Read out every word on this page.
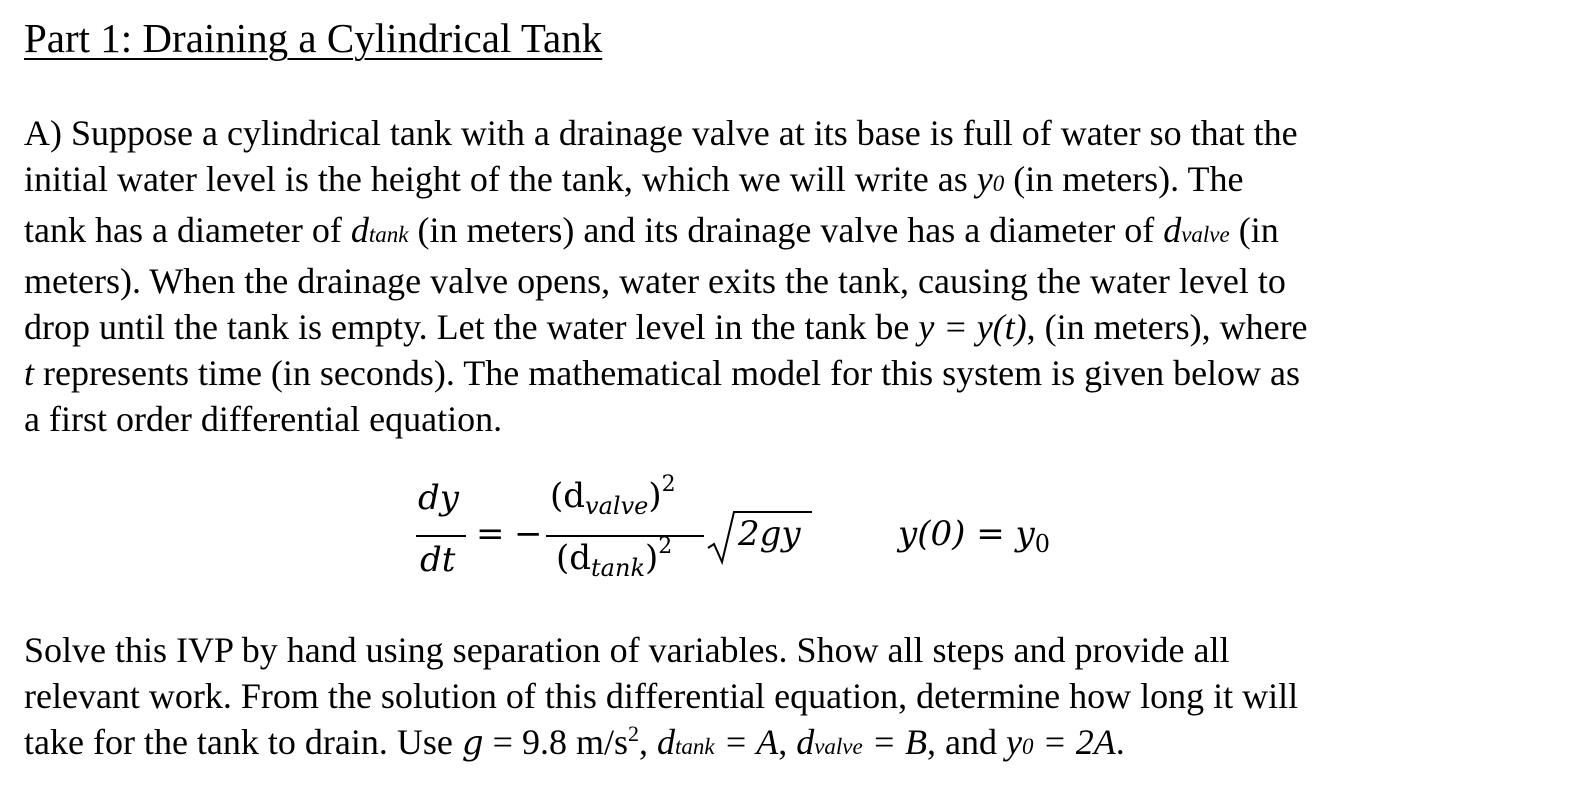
Part 1: Draining a Cylindrical Tank

A) Suppose a cylindrical tank with a drainage valve at its base is full of water so that the
initial water level is the height of the tank, which we will write as y0 (in meters). The
tank has a diameter of dtank (in meters) and its drainage valve has a diameter of dvalve (in
meters). When the drainage valve opens, water exits the tank, causing the water level to
drop until the tank is empty. Let the water level in the tank be y = y(t), (in meters), where
t represents time (in seconds). The mathematical model for this system is given below as
a first order differential equation.

dy
dt
= −
$(d_{valve})^2$
$(d_{tank})^2$ 2gy	$y(0) = y_0$

Solve this IVP by hand using separation of variables. Show all steps and provide all
relevant work. From the solution of this differential equation, determine how long it will
take for the tank to drain. Use g = 9.8 $m/s^2$, dtank = A, dvalve = B, and y0 = 2A.
